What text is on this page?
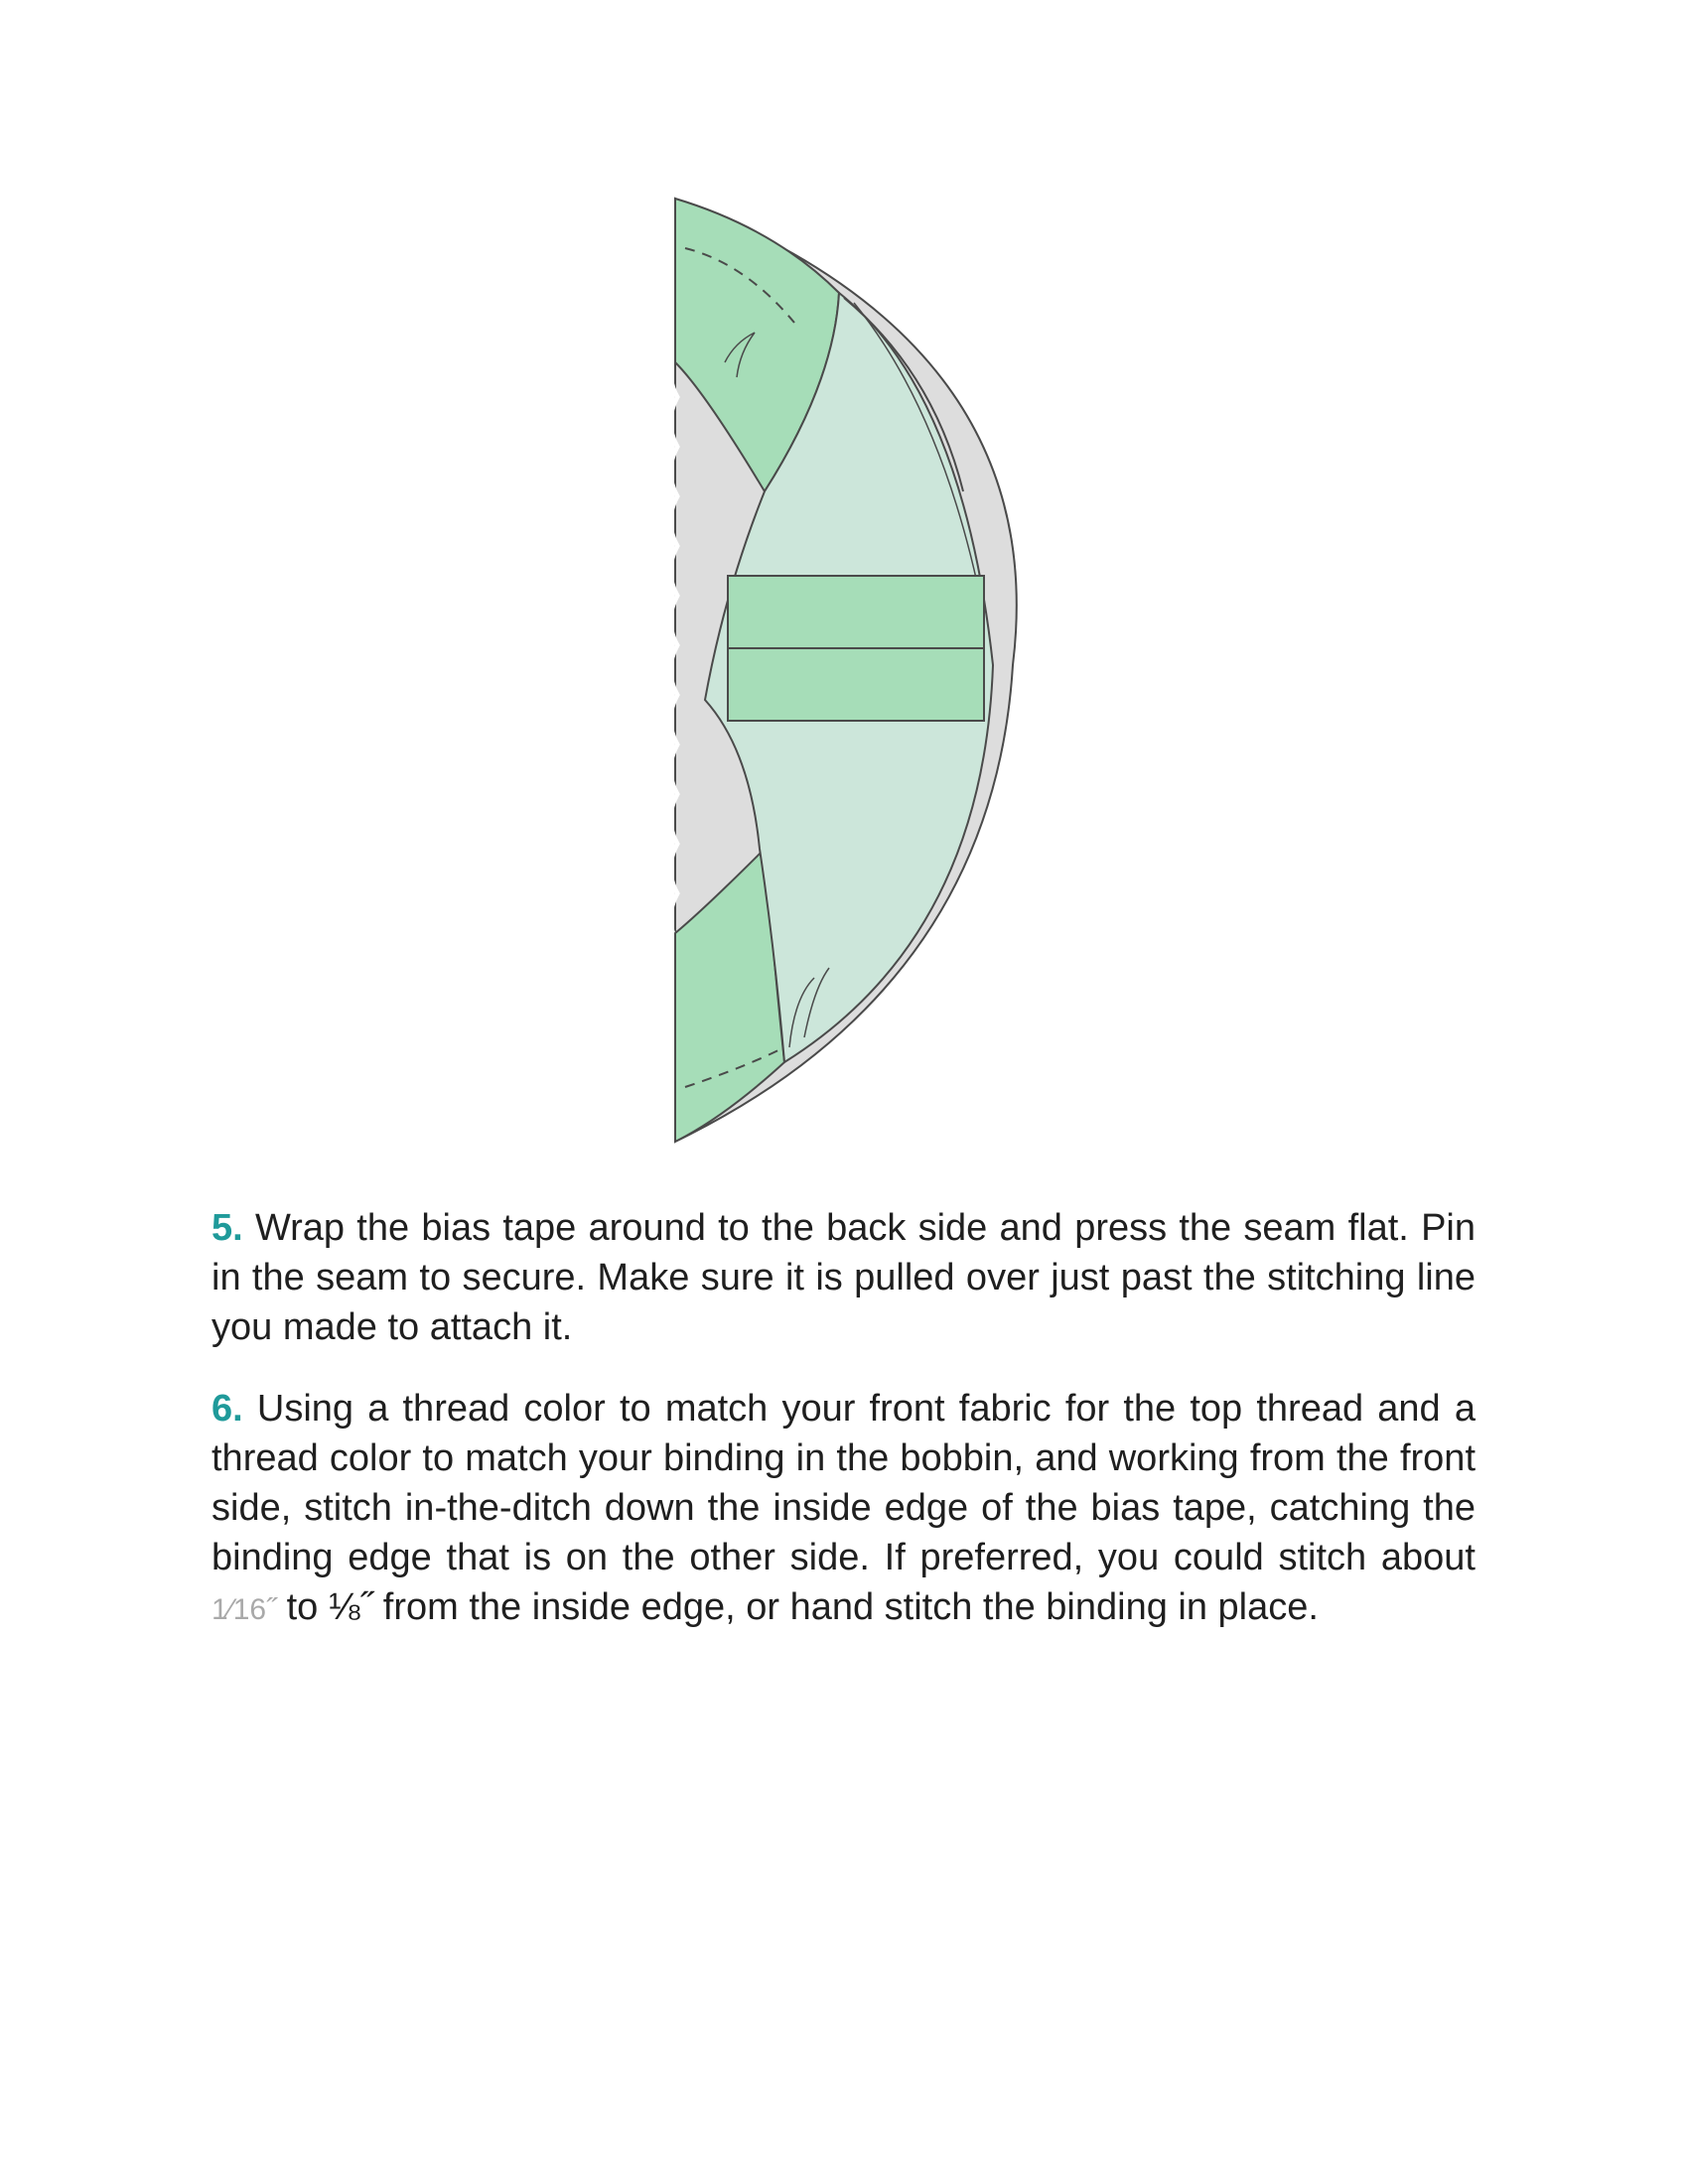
5. Wrap the bias tape around to the back side and press the seam flat. Pin in the seam to secure. Make sure it is pulled over just past the stitching line you made to attach it.

6. Using a thread color to match your front fabric for the top thread and a thread color to match your binding in the bobbin, and working from the front side, stitch in-the-ditch down the inside edge of the bias tape, catching the binding edge that is on the other side. If preferred, you could stitch about 1⁄16˝ to ⅛˝ from the inside edge, or hand stitch the binding in place.
